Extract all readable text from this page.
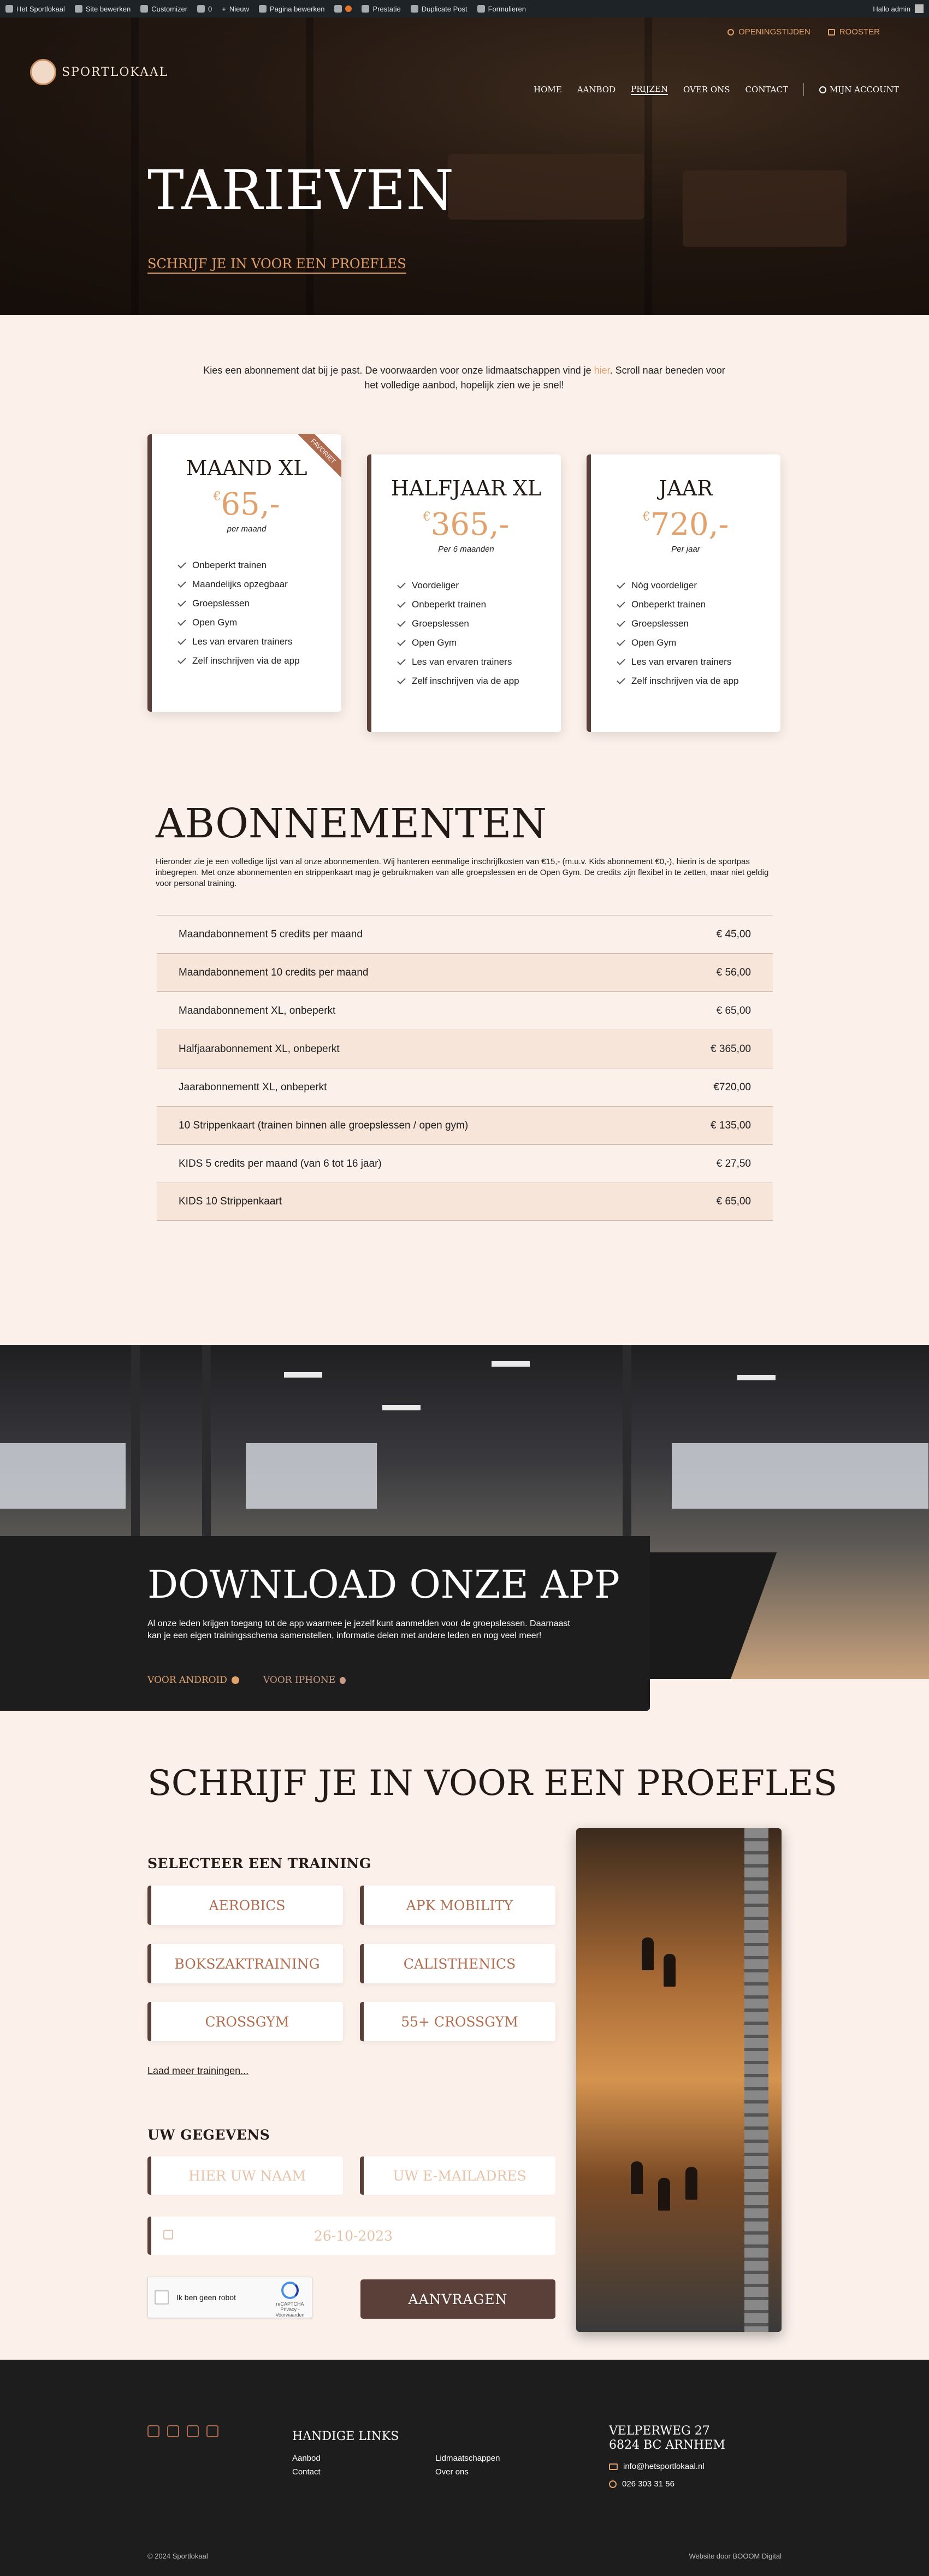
Het Sportlokaal	Site bewerken	Customizer	0 + Nieuw	Pagina bewerken	Prestatie	Duplicate Post	Formulieren	Hallo admin
OPENINGSTIJDEN	ROOSTER
SPORTLOKAAL
HOME AANBOD PRIJZEN OVER ONS CONTACT	MIJN ACCOUNT
TARIEVEN
SCHRIJF JE IN VOOR EEN PROEFLES

Kies een abonnement dat bij je past. De voorwaarden voor onze lidmaatschappen vind je hier. Scroll naar beneden voor het volledige aanbod, hopelijk zien we je snel!

FAVORIET
MAAND XL
€65,-
per maand
Onbeperkt trainen
Maandelijks opzegbaar
Groepslessen
Open Gym
Les van ervaren trainers
Zelf inschrijven via de app
HALFJAAR XL
€365,-
Per 6 maanden
Voordeliger
Onbeperkt trainen
Groepslessen
Open Gym
Les van ervaren trainers
Zelf inschrijven via de app
JAAR
€720,-
Per jaar
Nóg voordeliger
Onbeperkt trainen
Groepslessen
Open Gym
Les van ervaren trainers
Zelf inschrijven via de app
ABONNEMENTEN

Hieronder zie je een volledige lijst van al onze abonnementen. Wij hanteren eenmalige inschrijfkosten van €15,- (m.u.v. Kids abonnement €0,-), hierin is de sportpas inbegrepen. Met onze abonnementen en strippenkaart mag je gebruikmaken van alle groepslessen en de Open Gym. De credits zijn flexibel in te zetten, maar niet geldig voor personal training.

Maandabonnement 5 credits per maand	€ 45,00
Maandabonnement 10 credits per maand	€ 56,00
Maandabonnement XL, onbeperkt	€ 65,00
Halfjaarabonnement XL, onbeperkt	€ 365,00
Jaarabonnementt XL, onbeperkt	€720,00
10 Strippenkaart (trainen binnen alle groepslessen / open gym)	€ 135,00
KIDS 5 credits per maand (van 6 tot 16 jaar)	€ 27,50
KIDS 10 Strippenkaart	€ 65,00
DOWNLOAD ONZE APP

Al onze leden krijgen toegang tot de app waarmee je jezelf kunt aanmelden voor de groepslessen. Daarnaast kan je een eigen trainingsschema samenstellen, informatie delen met andere leden en nog veel meer!

VOOR ANDROID	VOOR IPHONE
SCHRIJF JE IN VOOR EEN PROEFLES
SELECTEER EEN TRAINING
AEROBICS	APK MOBILITY
BOKSZAKTRAINING	CALISTHENICS
CROSSGYM	55+ CROSSGYM
Laad meer trainingen...
UW GEGEVENS
HIER UW NAAM	UW E-MAILADRES
26-10-2023
Ik ben geen robot
reCAPTCHA
Privacy - Voorwaarden
AANVRAGEN
HANDIGE LINKS
Aanbod	Lidmaatschappen
Contact	Over ons
VELPERWEG 27
6824 BC ARNHEM
info@hetsportlokaal.nl
026 303 31 56
© 2024 Sportlokaal	Website door BOOOM Digital
